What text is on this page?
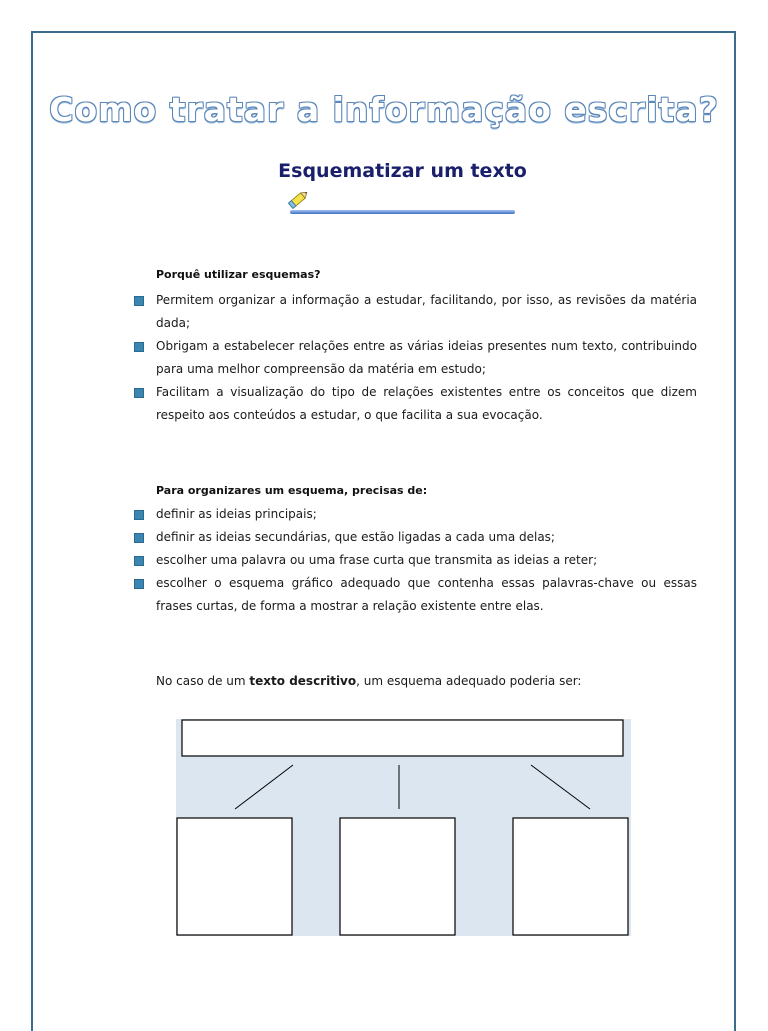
Como tratar a informação escrita?
Esquematizar um texto
Porquê utilizar esquemas?
Permitem organizar a informação a estudar, facilitando, por isso, as revisões da matéria dada;
Obrigam a estabelecer relações entre as várias ideias presentes num texto, contribuindo para uma melhor compreensão da matéria em estudo;
Facilitam a visualização do tipo de relações existentes entre os conceitos que dizem respeito aos conteúdos a estudar, o que facilita a sua evocação.
Para organizares um esquema, precisas de:
definir as ideias principais;
definir as ideias secundárias, que estão ligadas a cada uma delas;
escolher uma palavra ou uma frase curta que transmita as ideias a reter;
escolher o esquema gráfico adequado que contenha essas palavras-chave ou essas frases curtas, de forma a mostrar a relação existente entre elas.
No caso de um texto descritivo, um esquema adequado poderia ser:
